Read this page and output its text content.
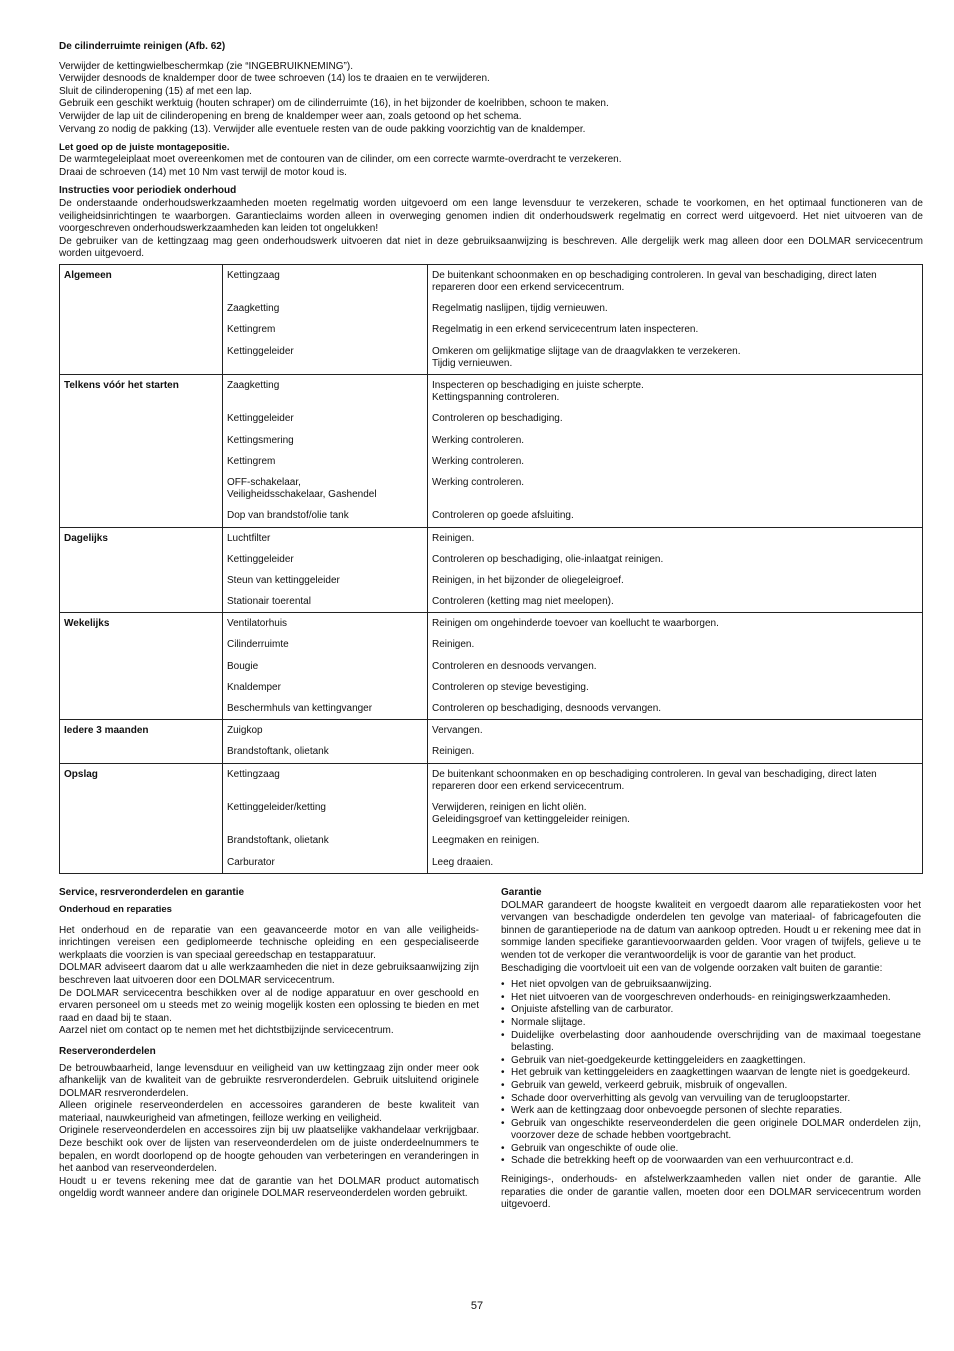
De cilinderruimte reinigen (Afb. 62)
Verwijder de kettingwielbeschermkap (zie “INGEBRUIKNEMING”).
Verwijder desnoods de knaldemper door de twee schroeven (14) los te draaien en te verwijderen.
Sluit de cilinderopening (15) af met een lap.
Gebruik een geschikt werktuig (houten schraper) om de cilinderruimte (16), in het bijzonder de koelribben, schoon te maken.
Verwijder de lap uit de cilinderopening en breng de knaldemper weer aan, zoals getoond op het schema.
Vervang zo nodig de pakking (13). Verwijder alle eventuele resten van de oude pakking voorzichtig van de knaldemper.
Let goed op de juiste montagepositie.
De warmtegeleiplaat moet overeenkomen met de contouren van de cilinder, om een correcte warmte-overdracht te verzekeren.
Draai de schroeven (14) met 10 Nm vast terwijl de motor koud is.
Instructies voor periodiek onderhoud

De onderstaande onderhoudswerkzaamheden moeten regelmatig worden uitgevoerd om een lange levensduur te verzekeren, schade te voorkomen, en het optimaal functioneren van de veiligheidsinrichtingen te waarborgen. Garantieclaims worden alleen in overweging genomen indien dit onderhoudswerk regelmatig en correct werd uitgevoerd. Het niet uitvoeren van de voorgeschreven onderhoudswerkzaamheden kan leiden tot ongelukken!

De gebruiker van de kettingzaag mag geen onderhoudswerk uitvoeren dat niet in deze gebruiksaanwijzing is beschreven. Alle dergelijk werk mag alleen door een DOLMAR servicecentrum worden uitgevoerd.

Algemeen	Kettingzaag	De buitenkant schoonmaken en op beschadiging controleren. In geval van beschadiging, direct laten repareren door een erkend servicecentrum.

	Zaagketting	Regelmatig naslijpen, tijdig vernieuwen.

	Kettingrem	Regelmatig in een erkend servicecentrum laten inspecteren.

	Kettinggeleider	Omkeren om gelijkmatige slijtage van de draagvlakken te verzekeren.
Tijdig vernieuwen.

Telkens vóór het starten	Zaagketting	Inspecteren op beschadiging en juiste scherpte.
Kettingspanning controleren.

	Kettinggeleider	Controleren op beschadiging.

	Kettingsmering	Werking controleren.

	Kettingrem	Werking controleren.

	OFF-schakelaar,
Veiligheidsschakelaar, Gashendel	Werking controleren.

	Dop van brandstof/olie tank	Controleren op goede afsluiting.

Dagelijks	Luchtfilter	Reinigen.

	Kettinggeleider	Controleren op beschadiging, olie-inlaatgat reinigen.

	Steun van kettinggeleider	Reinigen, in het bijzonder de oliegeleigroef.

	Stationair toerental	Controleren (ketting mag niet meelopen).

Wekelijks	Ventilatorhuis	Reinigen om ongehinderde toevoer van koellucht te waarborgen.

	Cilinderruimte	Reinigen.

	Bougie	Controleren en desnoods vervangen.

	Knaldemper	Controleren op stevige bevestiging.

	Beschermhuls van kettingvanger	Controleren op beschadiging, desnoods vervangen.

Iedere 3 maanden	Zuigkop	Vervangen.

	Brandstoftank, olietank	Reinigen.

Opslag	Kettingzaag	De buitenkant schoonmaken en op beschadiging controleren. In geval van beschadiging, direct laten repareren door een erkend servicecentrum.

	Kettinggeleider/ketting	Verwijderen, reinigen en licht oliën.
Geleidingsgroef van kettinggeleider reinigen.

	Brandstoftank, olietank	Leegmaken en reinigen.

	Carburator	Leeg draaien.
Service, resrveronderdelen en garantie
Onderhoud en reparaties

Het onderhoud en de reparatie van een geavanceerde motor en van alle veiligheidsinrichtingen vereisen een gediplomeerde technische opleiding en een gespecialiseerde werkplaats die voorzien is van speciaal gereedschap en testapparatuur.

DOLMAR adviseert daarom dat u alle werkzaamheden die niet in deze gebruiksaanwijzing zijn beschreven laat uitvoeren door een DOLMAR servicecentrum.

De DOLMAR servicecentra beschikken over al de nodige apparatuur en over geschoold en ervaren personeel om u steeds met zo weinig mogelijk kosten een oplossing te bieden en met raad en daad bij te staan.

Aarzel niet om contact op te nemen met het dichtstbijzijnde servicecentrum.

Reserveronderdelen

De betrouwbaarheid, lange levensduur en veiligheid van uw kettingzaag zijn onder meer ook afhankelijk van de kwaliteit van de gebruikte resrveronderdelen. Gebruik uitsluitend originele DOLMAR resrveronderdelen.

Alleen originele reserveonderdelen en accessoires garanderen de beste kwaliteit van materiaal, nauwkeurigheid van afmetingen, feilloze werking en veiligheid.

Originele reserveonderdelen en accessoires zijn bij uw plaatselijke vakhandelaar verkrijgbaar. Deze beschikt ook over de lijsten van reserveonderdelen om de juiste onderdeelnummers te bepalen, en wordt doorlopend op de hoogte gehouden van verbeteringen en veranderingen in het aanbod van reserveonderdelen.

Houdt u er tevens rekening mee dat de garantie van het DOLMAR product automatisch ongeldig wordt wanneer andere dan originele DOLMAR reserveonderdelen worden gebruikt.

Garantie

DOLMAR garandeert de hoogste kwaliteit en vergoedt daarom alle reparatiekosten voor het vervangen van beschadigde onderdelen ten gevolge van materiaal- of fabricagefouten die binnen de garantieperiode na de datum van aankoop optreden. Houdt u er rekening mee dat in sommige landen specifieke garantievoorwaarden gelden. Voor vragen of twijfels, gelieve u te wenden tot de verkoper die verantwoordelijk is voor de garantie van het product.

Beschadiging die voortvloeit uit een van de volgende oorzaken valt buiten de garantie:

• Het niet opvolgen van de gebruiksaanwijzing.
• Het niet uitvoeren van de voorgeschreven onderhouds- en reinigingswerkzaamheden.
• Onjuiste afstelling van de carburator.
• Normale slijtage.
• Duidelijke overbelasting door aanhoudende overschrijding van de maximaal toegestane belasting.
• Gebruik van niet-goedgekeurde kettinggeleiders en zaagkettingen.
• Het gebruik van kettinggeleiders en zaagkettingen waarvan de lengte niet is goedgekeurd.
• Gebruik van geweld, verkeerd gebruik, misbruik of ongevallen.
• Schade door oververhitting als gevolg van vervuiling van de terugloopstarter.
• Werk aan de kettingzaag door onbevoegde personen of slechte reparaties.
• Gebruik van ongeschikte reserveonderdelen die geen originele DOLMAR onderdelen zijn, voorzover deze de schade hebben voortgebracht.
• Gebruik van ongeschikte of oude olie.
• Schade die betrekking heeft op de voorwaarden van een verhuurcontract e.d.

Reinigings-, onderhouds- en afstelwerkzaamheden vallen niet onder de garantie. Alle reparaties die onder de garantie vallen, moeten door een DOLMAR servicecentrum worden uitgevoerd.

57
